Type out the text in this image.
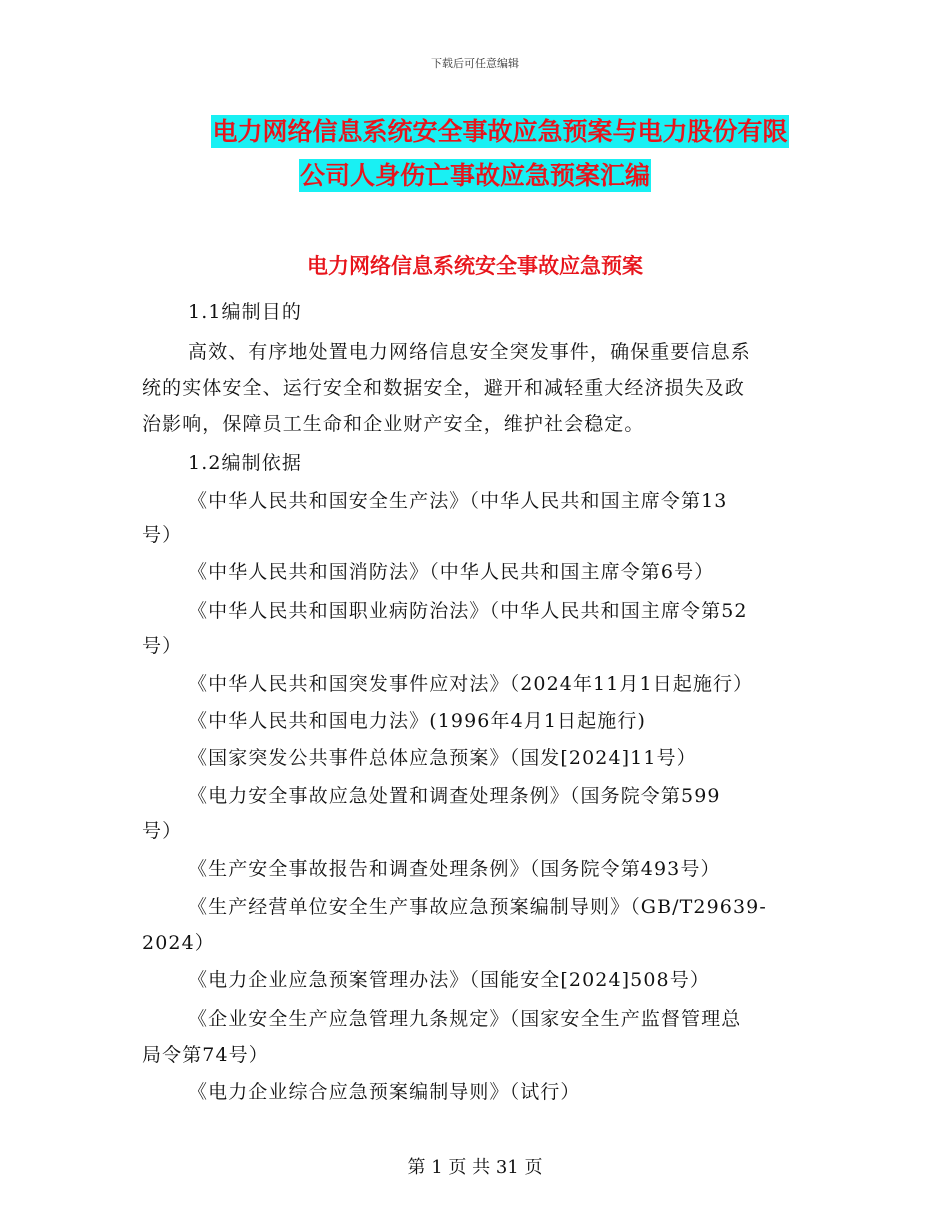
下载后可任意编辑
电力网络信息系统安全事故应急预案与电力股份有限
公司人身伤亡事故应急预案汇编
电力网络信息系统安全事故应急预案
1.1编制目的
高效、有序地处置电力网络信息安全突发事件，确保重要信息系
统的实体安全、运行安全和数据安全，避开和减轻重大经济损失及政
治影响，保障员工生命和企业财产安全，维护社会稳定。
1.2编制依据
《中华人民共和国安全生产法》（中华人民共和国主席令第13
号）
《中华人民共和国消防法》（中华人民共和国主席令第6号）
《中华人民共和国职业病防治法》（中华人民共和国主席令第52
号）
《中华人民共和国突发事件应对法》（2024年11月1日起施行）
《中华人民共和国电力法》(1996年4月1日起施行)
《国家突发公共事件总体应急预案》（国发[2024]11号）
《电力安全事故应急处置和调查处理条例》（国务院令第599
号）
《生产安全事故报告和调查处理条例》（国务院令第493号）
《生产经营单位安全生产事故应急预案编制导则》（GB/T29639-
2024）
《电力企业应急预案管理办法》（国能安全[2024]508号）
《企业安全生产应急管理九条规定》（国家安全生产监督管理总
局令第74号）
《电力企业综合应急预案编制导则》（试行）
第 1 页 共 31 页
